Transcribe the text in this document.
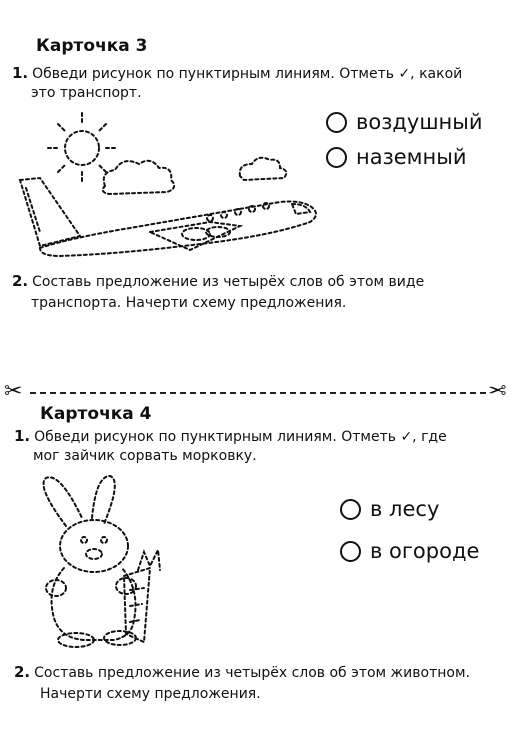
Карточка 3
1. Обведи рисунок по пунктирным линиям. Отметь ✓, какой
это транспорт.
воздушный
наземный
2. Составь предложение из четырёх слов об этом виде
транспорта. Начерти схему предложения.
✂	✂
Карточка 4
1. Обведи рисунок по пунктирным линиям. Отметь ✓, где
мог зайчик сорвать морковку.
в лесу
в огороде
2. Составь предложение из четырёх слов об этом животном.
Начерти схему предложения.
